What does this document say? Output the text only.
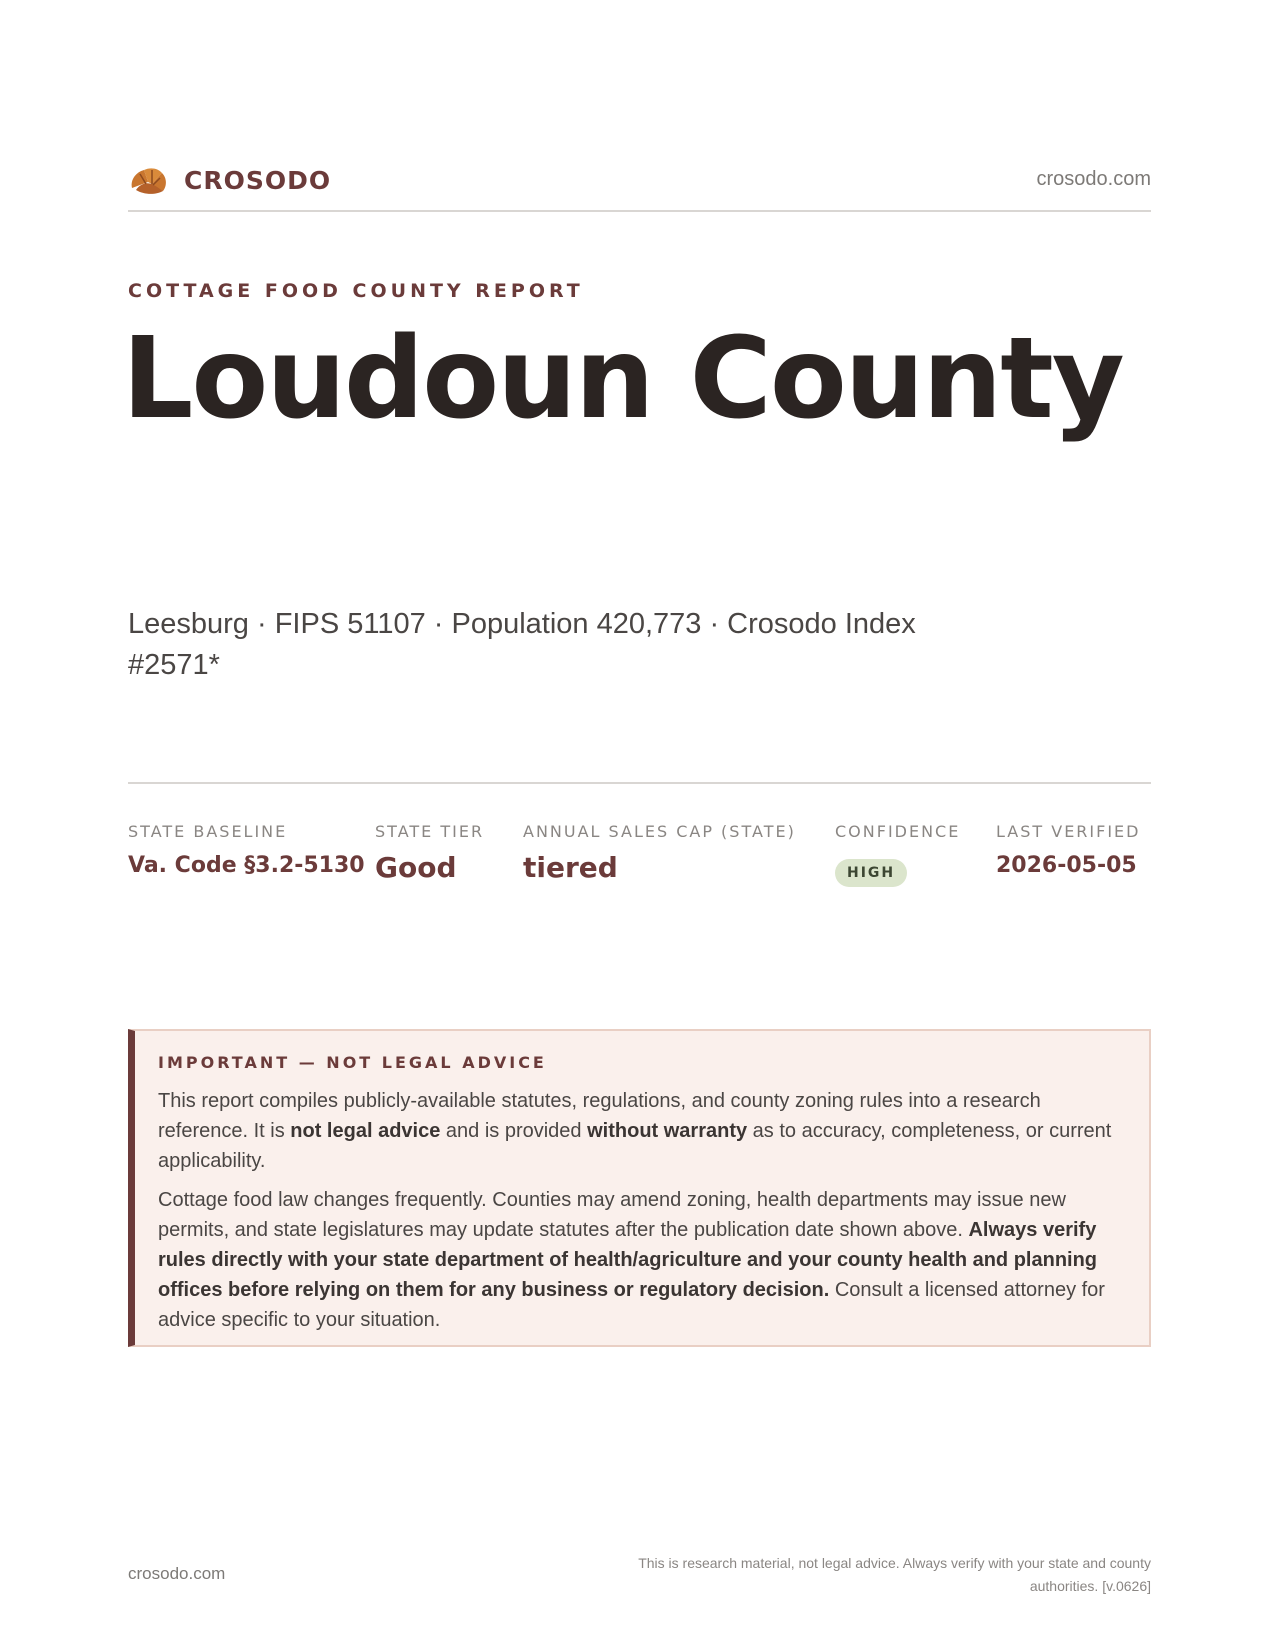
CROSODO	crosodo.com
COTTAGE FOOD COUNTY REPORT
Loudoun County
Leesburg · FIPS 51107 · Population 420,773 · Crosodo Index #2571*
STATE BASELINE
Va. Code §3.2-5130
STATE TIER
Good
ANNUAL SALES CAP (STATE)
tiered
CONFIDENCE
HIGH
LAST VERIFIED
2026-05-05
IMPORTANT — NOT LEGAL ADVICE

This report compiles publicly-available statutes, regulations, and county zoning rules into a research reference. It is not legal advice and is provided without warranty as to accuracy, completeness, or current applicability.

Cottage food law changes frequently. Counties may amend zoning, health departments may issue new permits, and state legislatures may update statutes after the publication date shown above. Always verify rules directly with your state department of health/agriculture and your county health and planning offices before relying on them for any business or regulatory decision. Consult a licensed attorney for advice specific to your situation.

crosodo.com
This is research material, not legal advice. Always verify with your state and county authorities. [v.0626]
